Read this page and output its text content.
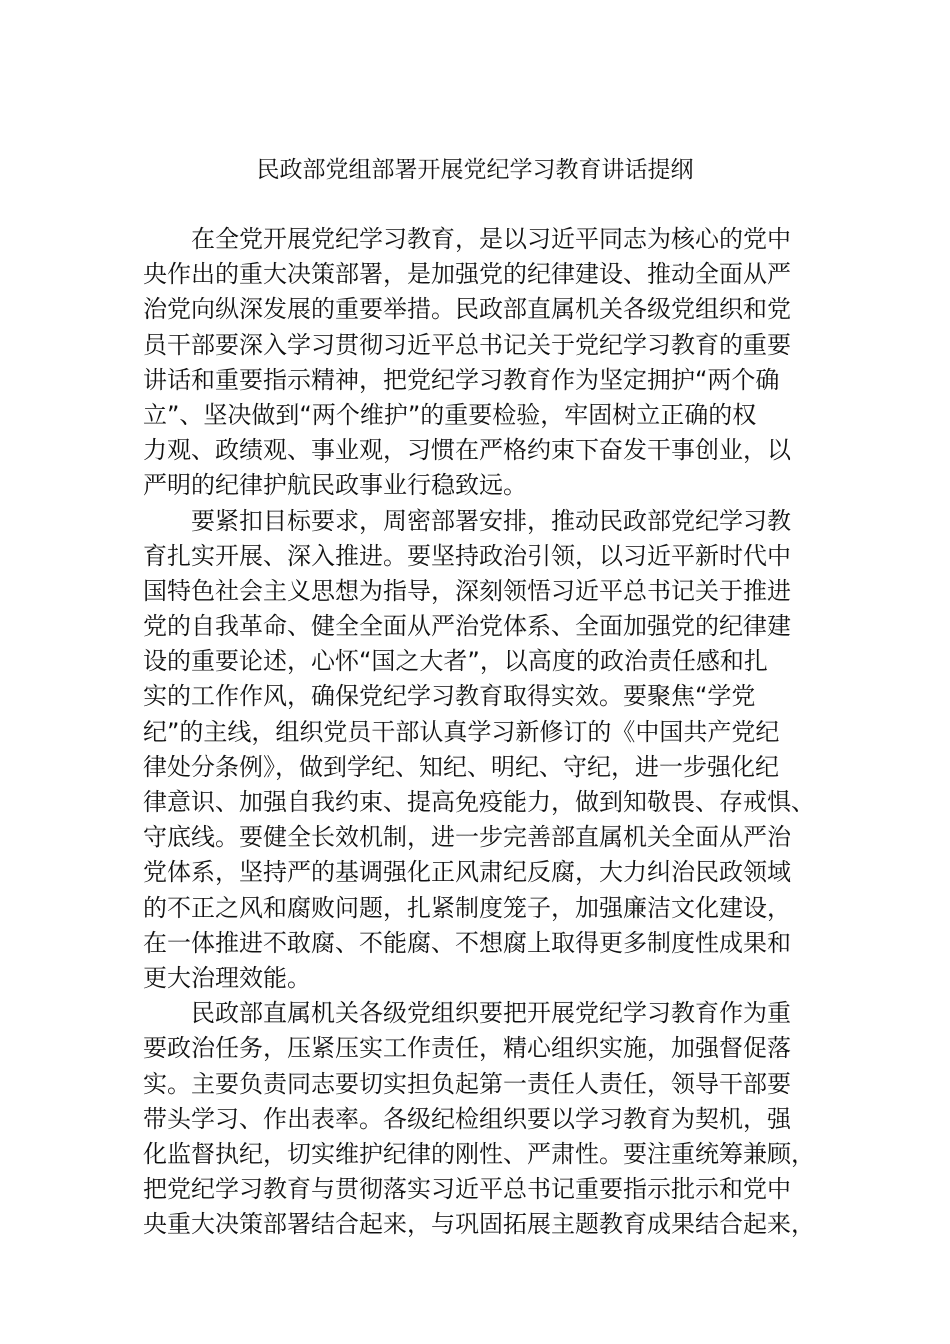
民政部党组部署开展党纪学习教育讲话提纲
在全党开展党纪学习教育，是以习近平同志为核心的党中
央作出的重大决策部署，是加强党的纪律建设、推动全面从严
治党向纵深发展的重要举措。民政部直属机关各级党组织和党
员干部要深入学习贯彻习近平总书记关于党纪学习教育的重要
讲话和重要指示精神，把党纪学习教育作为坚定拥护“两个确
立”、坚决做到“两个维护”的重要检验，牢固树立正确的权
力观、政绩观、事业观，习惯在严格约束下奋发干事创业，以
严明的纪律护航民政事业行稳致远。
要紧扣目标要求，周密部署安排，推动民政部党纪学习教
育扎实开展、深入推进。要坚持政治引领，以习近平新时代中
国特色社会主义思想为指导，深刻领悟习近平总书记关于推进
党的自我革命、健全全面从严治党体系、全面加强党的纪律建
设的重要论述，心怀“国之大者”，以高度的政治责任感和扎
实的工作作风，确保党纪学习教育取得实效。要聚焦“学党
纪”的主线，组织党员干部认真学习新修订的《中国共产党纪
律处分条例》，做到学纪、知纪、明纪、守纪，进一步强化纪
律意识、加强自我约束、提高免疫能力，做到知敬畏、存戒惧、
守底线。要健全长效机制，进一步完善部直属机关全面从严治
党体系，坚持严的基调强化正风肃纪反腐，大力纠治民政领域
的不正之风和腐败问题，扎紧制度笼子，加强廉洁文化建设，
在一体推进不敢腐、不能腐、不想腐上取得更多制度性成果和
更大治理效能。
民政部直属机关各级党组织要把开展党纪学习教育作为重
要政治任务，压紧压实工作责任，精心组织实施，加强督促落
实。主要负责同志要切实担负起第一责任人责任，领导干部要
带头学习、作出表率。各级纪检组织要以学习教育为契机，强
化监督执纪，切实维护纪律的刚性、严肃性。要注重统筹兼顾，
把党纪学习教育与贯彻落实习近平总书记重要指示批示和党中
央重大决策部署结合起来，与巩固拓展主题教育成果结合起来，
